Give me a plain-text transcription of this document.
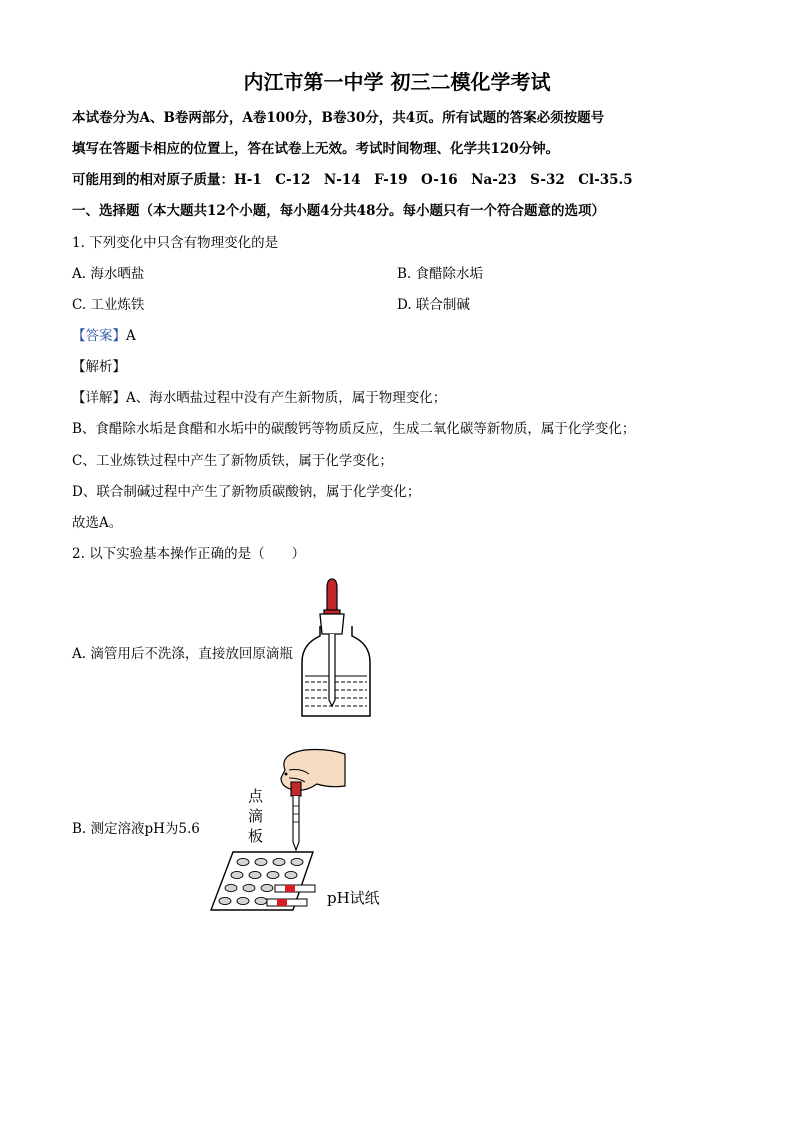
内江市第一中学 初三二模化学考试
本试卷分为A、B卷两部分，A卷100分，B卷30分，共4页。所有试题的答案必须按题号
填写在答题卡相应的位置上，答在试卷上无效。考试时间物理、化学共120分钟。
可能用到的相对原子质量：H-1　C-12　N-14　F-19　O-16　Na-23　S-32　Cl-35.5
一、选择题（本大题共12个小题，每小题4分共48分。每小题只有一个符合题意的选项）
1. 下列变化中只含有物理变化的是
A. 海水晒盐	B. 食醋除水垢
C. 工业炼铁	D. 联合制碱
【答案】A
【解析】
【详解】A、海水晒盐过程中没有产生新物质，属于物理变化；
B、食醋除水垢是食醋和水垢中的碳酸钙等物质反应，生成二氧化碳等新物质，属于化学变化；
C、工业炼铁过程中产生了新物质铁，属于化学变化；
D、联合制碱过程中产生了新物质碳酸钠，属于化学变化；
故选A。
2. 以下实验基本操作正确的是（　　）
A. 滴管用后不洗涤，直接放回原滴瓶
B. 测定溶液pH为5.6
点
滴
板
pH试纸
